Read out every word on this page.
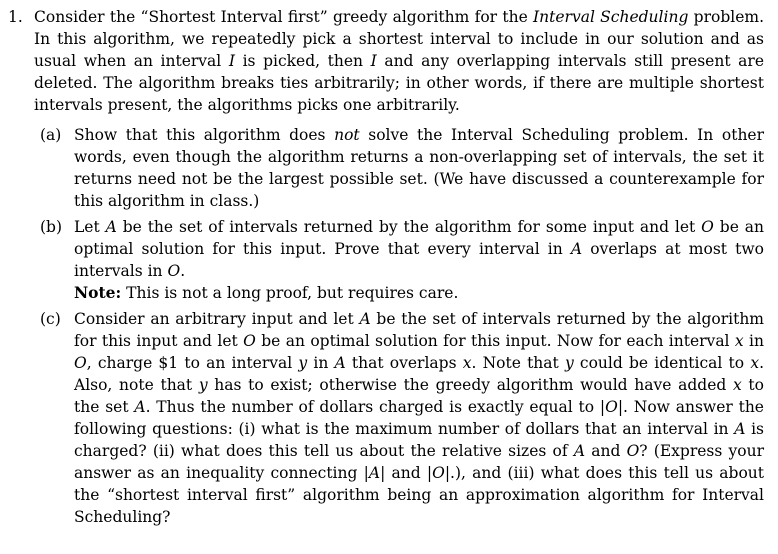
1. Consider the “Shortest Interval first” greedy algorithm for the Interval Scheduling problem. In this algorithm, we repeatedly pick a shortest interval to include in our solution and as usual when an interval I is picked, then I and any overlapping intervals still present are deleted. The algorithm breaks ties arbitrarily; in other words, if there are multiple shortest intervals present, the algorithms picks one arbitrarily.

(a) Show that this algorithm does not solve the Interval Scheduling problem. In other words, even though the algorithm returns a non-overlapping set of intervals, the set it returns need not be the largest possible set. (We have discussed a counterexample for this algorithm in class.)
(b) Let A be the set of intervals returned by the algorithm for some input and let O be an optimal solution for this input. Prove that every interval in A overlaps at most two intervals in O.
Note: This is not a long proof, but requires care.
(c) Consider an arbitrary input and let A be the set of intervals returned by the algorithm for this input and let O be an optimal solution for this input. Now for each interval x in O, charge $1 to an interval y in A that overlaps x. Note that y could be identical to x. Also, note that y has to exist; otherwise the greedy algorithm would have added x to the set A. Thus the number of dollars charged is exactly equal to |O|. Now answer the following questions: (i) what is the maximum number of dollars that an interval in A is charged? (ii) what does this tell us about the relative sizes of A and O? (Express your answer as an inequality connecting |A| and |O|.), and (iii) what does this tell us about the “shortest interval first” algorithm being an approximation algorithm for Interval Scheduling?
